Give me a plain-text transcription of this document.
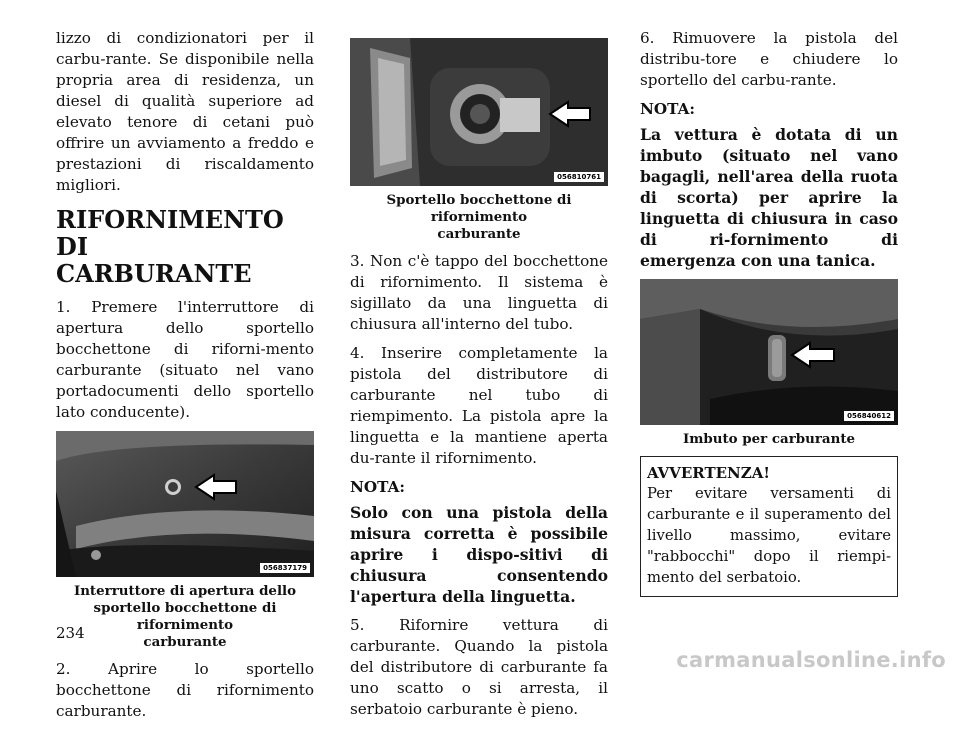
lizzo di condizionatori per il carbu-rante. Se disponibile nella propria area di residenza, un diesel di qualità superiore ad elevato tenore di cetani può offrire un avviamento a freddo e prestazioni di riscaldamento migliori.

RIFORNIMENTO DI
CARBURANTE

1. Premere l'interruttore di apertura dello sportello bocchettone di riforni-mento carburante (situato nel vano portadocumenti dello sportello lato conducente).

056837179
Interruttore di apertura dello
sportello bocchettone di rifornimento
carburante

2. Aprire lo sportello bocchettone di rifornimento carburante.

056810761
Sportello bocchettone di rifornimento
carburante

3. Non c'è tappo del bocchettone di rifornimento. Il sistema è sigillato da una linguetta di chiusura all'interno del tubo.

4. Inserire completamente la pistola del distributore di carburante nel tubo di riempimento. La pistola apre la linguetta e la mantiene aperta du-rante il rifornimento.

NOTA:

Solo con una pistola della misura corretta è possibile aprire i dispo-sitivi di chiusura consentendo l'apertura della linguetta.

5. Rifornire vettura di carburante. Quando la pistola del distributore di carburante fa uno scatto o si arresta, il serbatoio carburante è pieno.

6. Rimuovere la pistola del distribu-tore e chiudere lo sportello del carbu-rante.

NOTA:

La vettura è dotata di un imbuto (situato nel vano bagagli, nell'area della ruota di scorta) per aprire la linguetta di chiusura in caso di ri-fornimento di emergenza con una tanica.

056840612
Imbuto per carburante

AVVERTENZA!

Per evitare versamenti di carburante e il superamento del livello massimo, evitare "rabbocchi" dopo il riempi-mento del serbatoio.

234
carmanualsonline.info
